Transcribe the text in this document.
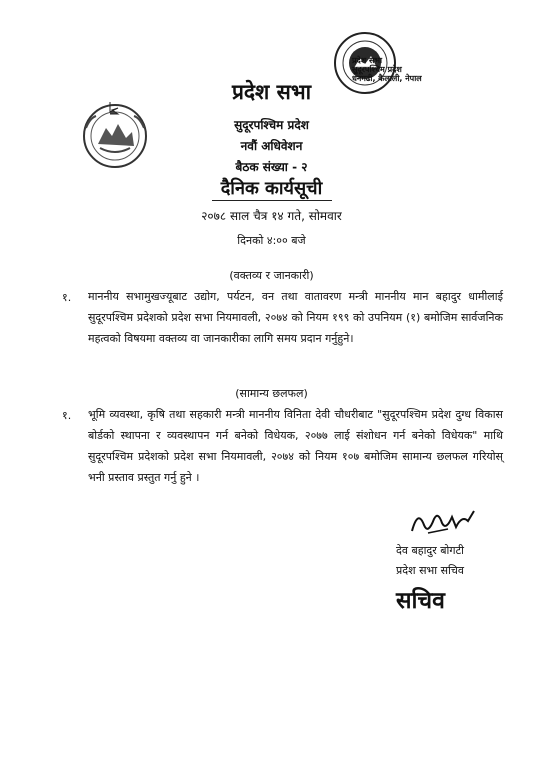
प्रदेश सभा
सुदूरपश्चिम प्रदेश
धनगढी, कैलाली, नेपाल
प्रदेश सभा
सुदूरपश्चिम प्रदेश
नवौं अधिवेशन
बैठक संख्या - २
दैनिक कार्यसूची
२०७८ साल चैत्र १४ गते, सोमवार
दिनको ४:०० बजे
(वक्तव्य र जानकारी)
१. माननीय सभामुखज्यूबाट उद्योग, पर्यटन, वन तथा वातावरण मन्त्री माननीय मान बहादुर धामीलाई सुदूरपश्चिम प्रदेशको प्रदेश सभा नियमावली, २०७४ को नियम १९९ को उपनियम (१) बमोजिम सार्वजनिक महत्वको विषयमा वक्तव्य वा जानकारीका लागि समय प्रदान गर्नुहुने।
(सामान्य छलफल)
१. भूमि व्यवस्था, कृषि तथा सहकारी मन्त्री माननीय विनिता देवी चौधरीबाट "सुदूरपश्चिम प्रदेश दुग्ध विकास बोर्डको स्थापना र व्यवस्थापन गर्न बनेको विधेयक, २०७७ लाई संशोधन गर्न बनेको विधेयक" माथि सुदूरपश्चिम प्रदेशको प्रदेश सभा नियमावली, २०७४ को नियम १०७ बमोजिम सामान्य छलफल गरियोस् भनी प्रस्ताव प्रस्तुत गर्नु हुने ।
देव बहादुर बोगटी
प्रदेश सभा सचिव
सचिव
